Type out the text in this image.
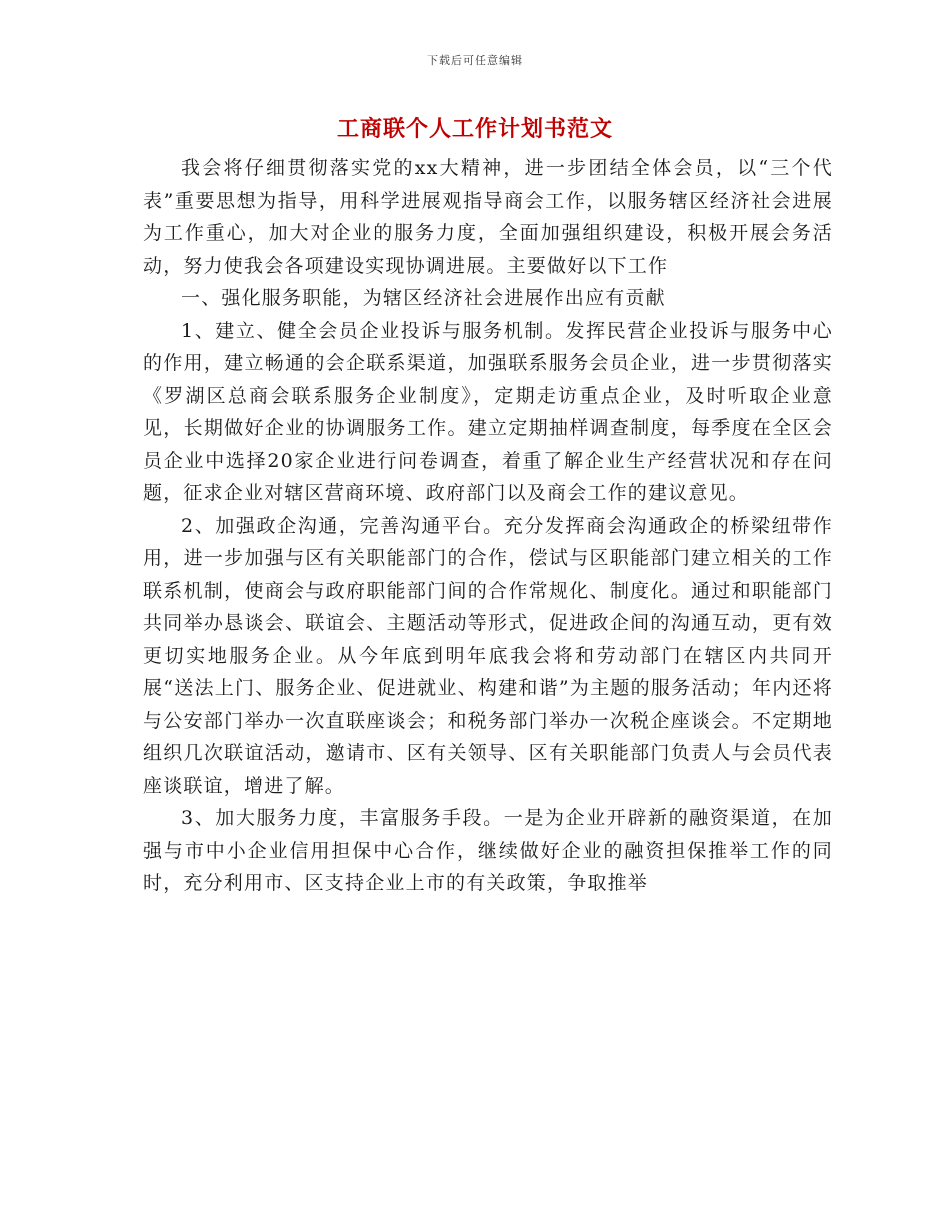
下载后可任意编辑
工商联个人工作计划书范文

我会将仔细贯彻落实党的xx大精神，进一步团结全体会员，以“三个代表”重要思想为指导，用科学进展观指导商会工作，以服务辖区经济社会进展为工作重心，加大对企业的服务力度，全面加强组织建设，积极开展会务活动，努力使我会各项建设实现协调进展。主要做好以下工作

一、强化服务职能，为辖区经济社会进展作出应有贡献

1、建立、健全会员企业投诉与服务机制。发挥民营企业投诉与服务中心的作用，建立畅通的会企联系渠道，加强联系服务会员企业，进一步贯彻落实《罗湖区总商会联系服务企业制度》，定期走访重点企业，及时听取企业意见，长期做好企业的协调服务工作。建立定期抽样调查制度，每季度在全区会员企业中选择20家企业进行问卷调查，着重了解企业生产经营状况和存在问题，征求企业对辖区营商环境、政府部门以及商会工作的建议意见。

2、加强政企沟通，完善沟通平台。充分发挥商会沟通政企的桥梁纽带作用，进一步加强与区有关职能部门的合作，偿试与区职能部门建立相关的工作联系机制，使商会与政府职能部门间的合作常规化、制度化。通过和职能部门共同举办恳谈会、联谊会、主题活动等形式，促进政企间的沟通互动，更有效更切实地服务企业。从今年底到明年底我会将和劳动部门在辖区内共同开展“送法上门、服务企业、促进就业、构建和谐”为主题的服务活动；年内还将与公安部门举办一次直联座谈会；和税务部门举办一次税企座谈会。不定期地组织几次联谊活动，邀请市、区有关领导、区有关职能部门负责人与会员代表座谈联谊，增进了解。

3、加大服务力度，丰富服务手段。一是为企业开辟新的融资渠道，在加强与市中小企业信用担保中心合作，继续做好企业的融资担保推举工作的同时，充分利用市、区支持企业上市的有关政策，争取推举
